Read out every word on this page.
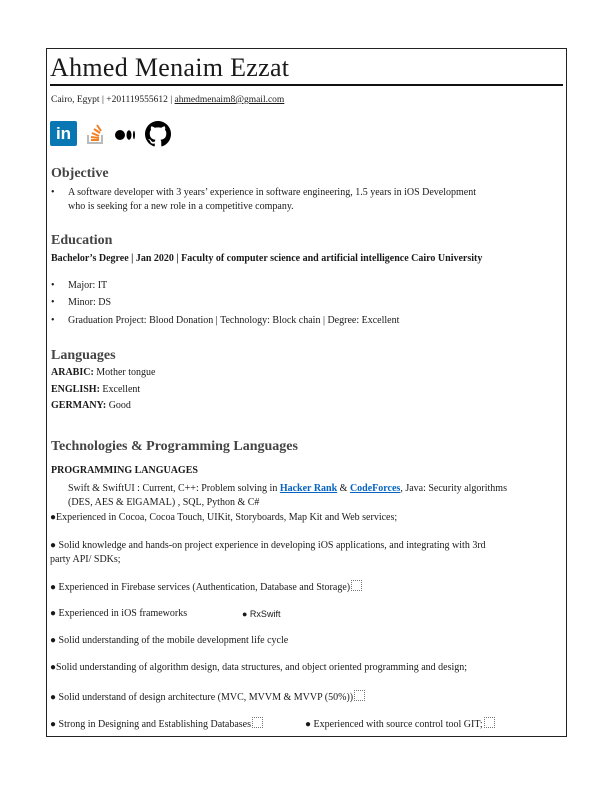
Ahmed Menaim Ezzat
Cairo, Egypt | +201119555612 | ahmedmenaim8@gmail.com
in
Objective
• A software developer with 3 years’ experience in software engineering, 1.5 years in iOS Development
who is seeking for a new role in a competitive company.
Education
Bachelor’s Degree | Jan 2020 | Faculty of computer science and artificial intelligence Cairo University
• Major: IT
• Minor: DS
• Graduation Project: Blood Donation | Technology: Block chain | Degree: Excellent
Languages
ARABIC: Mother tongue
ENGLISH: Excellent
GERMANY: Good
Technologies & Programming Languages
PROGRAMMING LANGUAGES
Swift & SwiftUI : Current, C++: Problem solving in Hacker Rank & CodeForces, Java: Security algorithms
(DES, AES & ElGAMAL) , SQL, Python & C#
●Experienced in Cocoa, Cocoa Touch, UIKit, Storyboards, Map Kit and Web services;
● Solid knowledge and hands-on project experience in developing iOS applications, and integrating with 3rd
party API/ SDKs;
● Experienced in Firebase services (Authentication, Database and Storage)
● Experienced in iOS frameworks	● RxSwift
● Solid understanding of the mobile development life cycle
●Solid understanding of algorithm design, data structures, and object oriented programming and design;
● Solid understand of design architecture (MVC, MVVM & MVVP (50%))
● Strong in Designing and Establishing Databases	● Experienced with source control tool GIT;
